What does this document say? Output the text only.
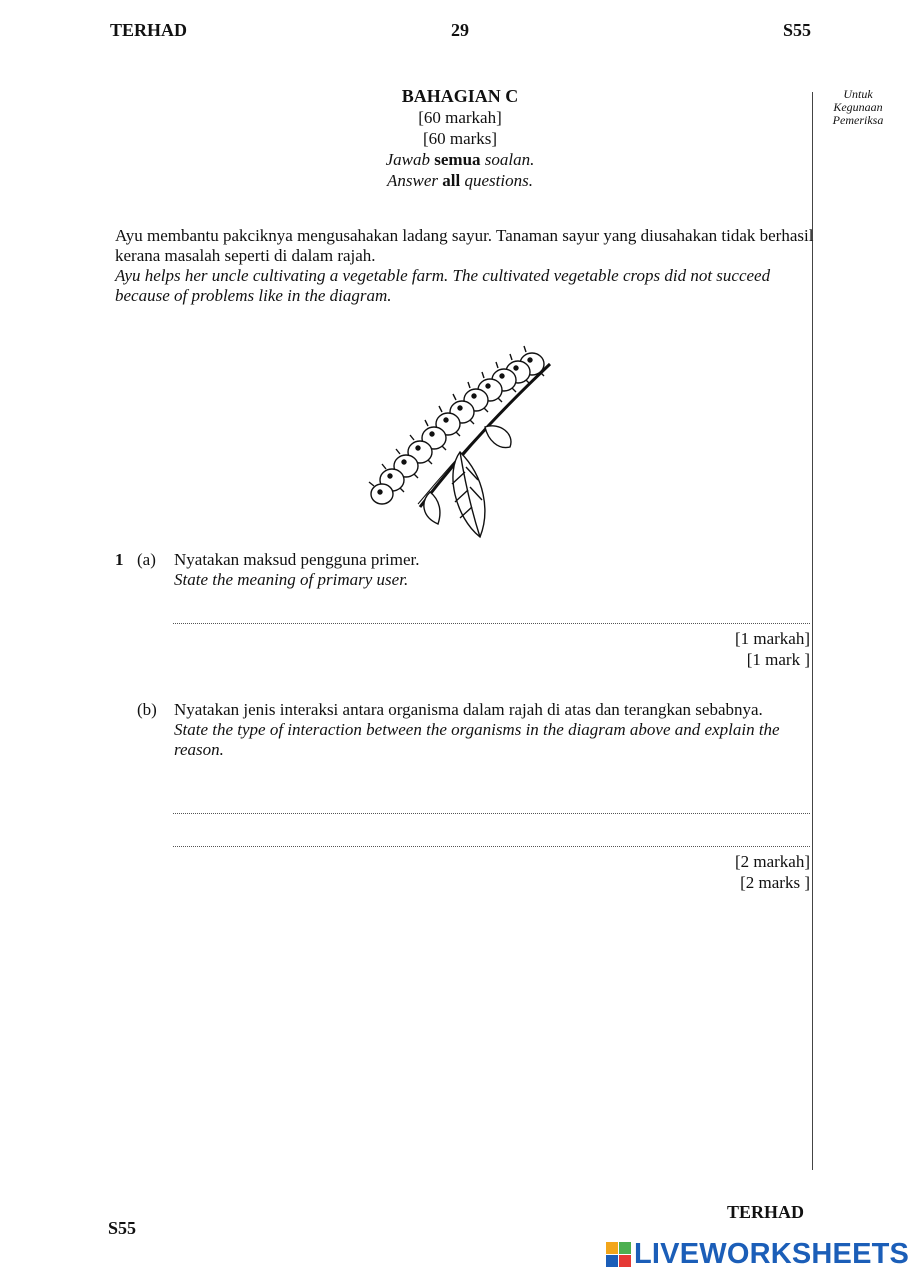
TERHAD	29	S55
BAHAGIAN C
[60 markah]
[60 marks]
Jawab semua soalan.
Answer all questions.
Untuk
Kegunaan
Pemeriksa
Ayu membantu pakciknya mengusahakan ladang sayur. Tanaman sayur yang diusahakan tidak berhasil kerana masalah seperti di dalam rajah.
Ayu helps her uncle cultivating a vegetable farm. The cultivated vegetable crops did not succeed because of problems like in the diagram.
1 (a) Nyatakan maksud pengguna primer.
State the meaning of primary user.
[1 markah]
[1 mark ]
(b) Nyatakan jenis interaksi antara organisma dalam rajah di atas dan terangkan sebabnya.
State the type of interaction between the organisms in the diagram above and explain the reason.
[2 markah]
[2 marks ]
TERHAD
S55
LIVEWORKSHEETS
